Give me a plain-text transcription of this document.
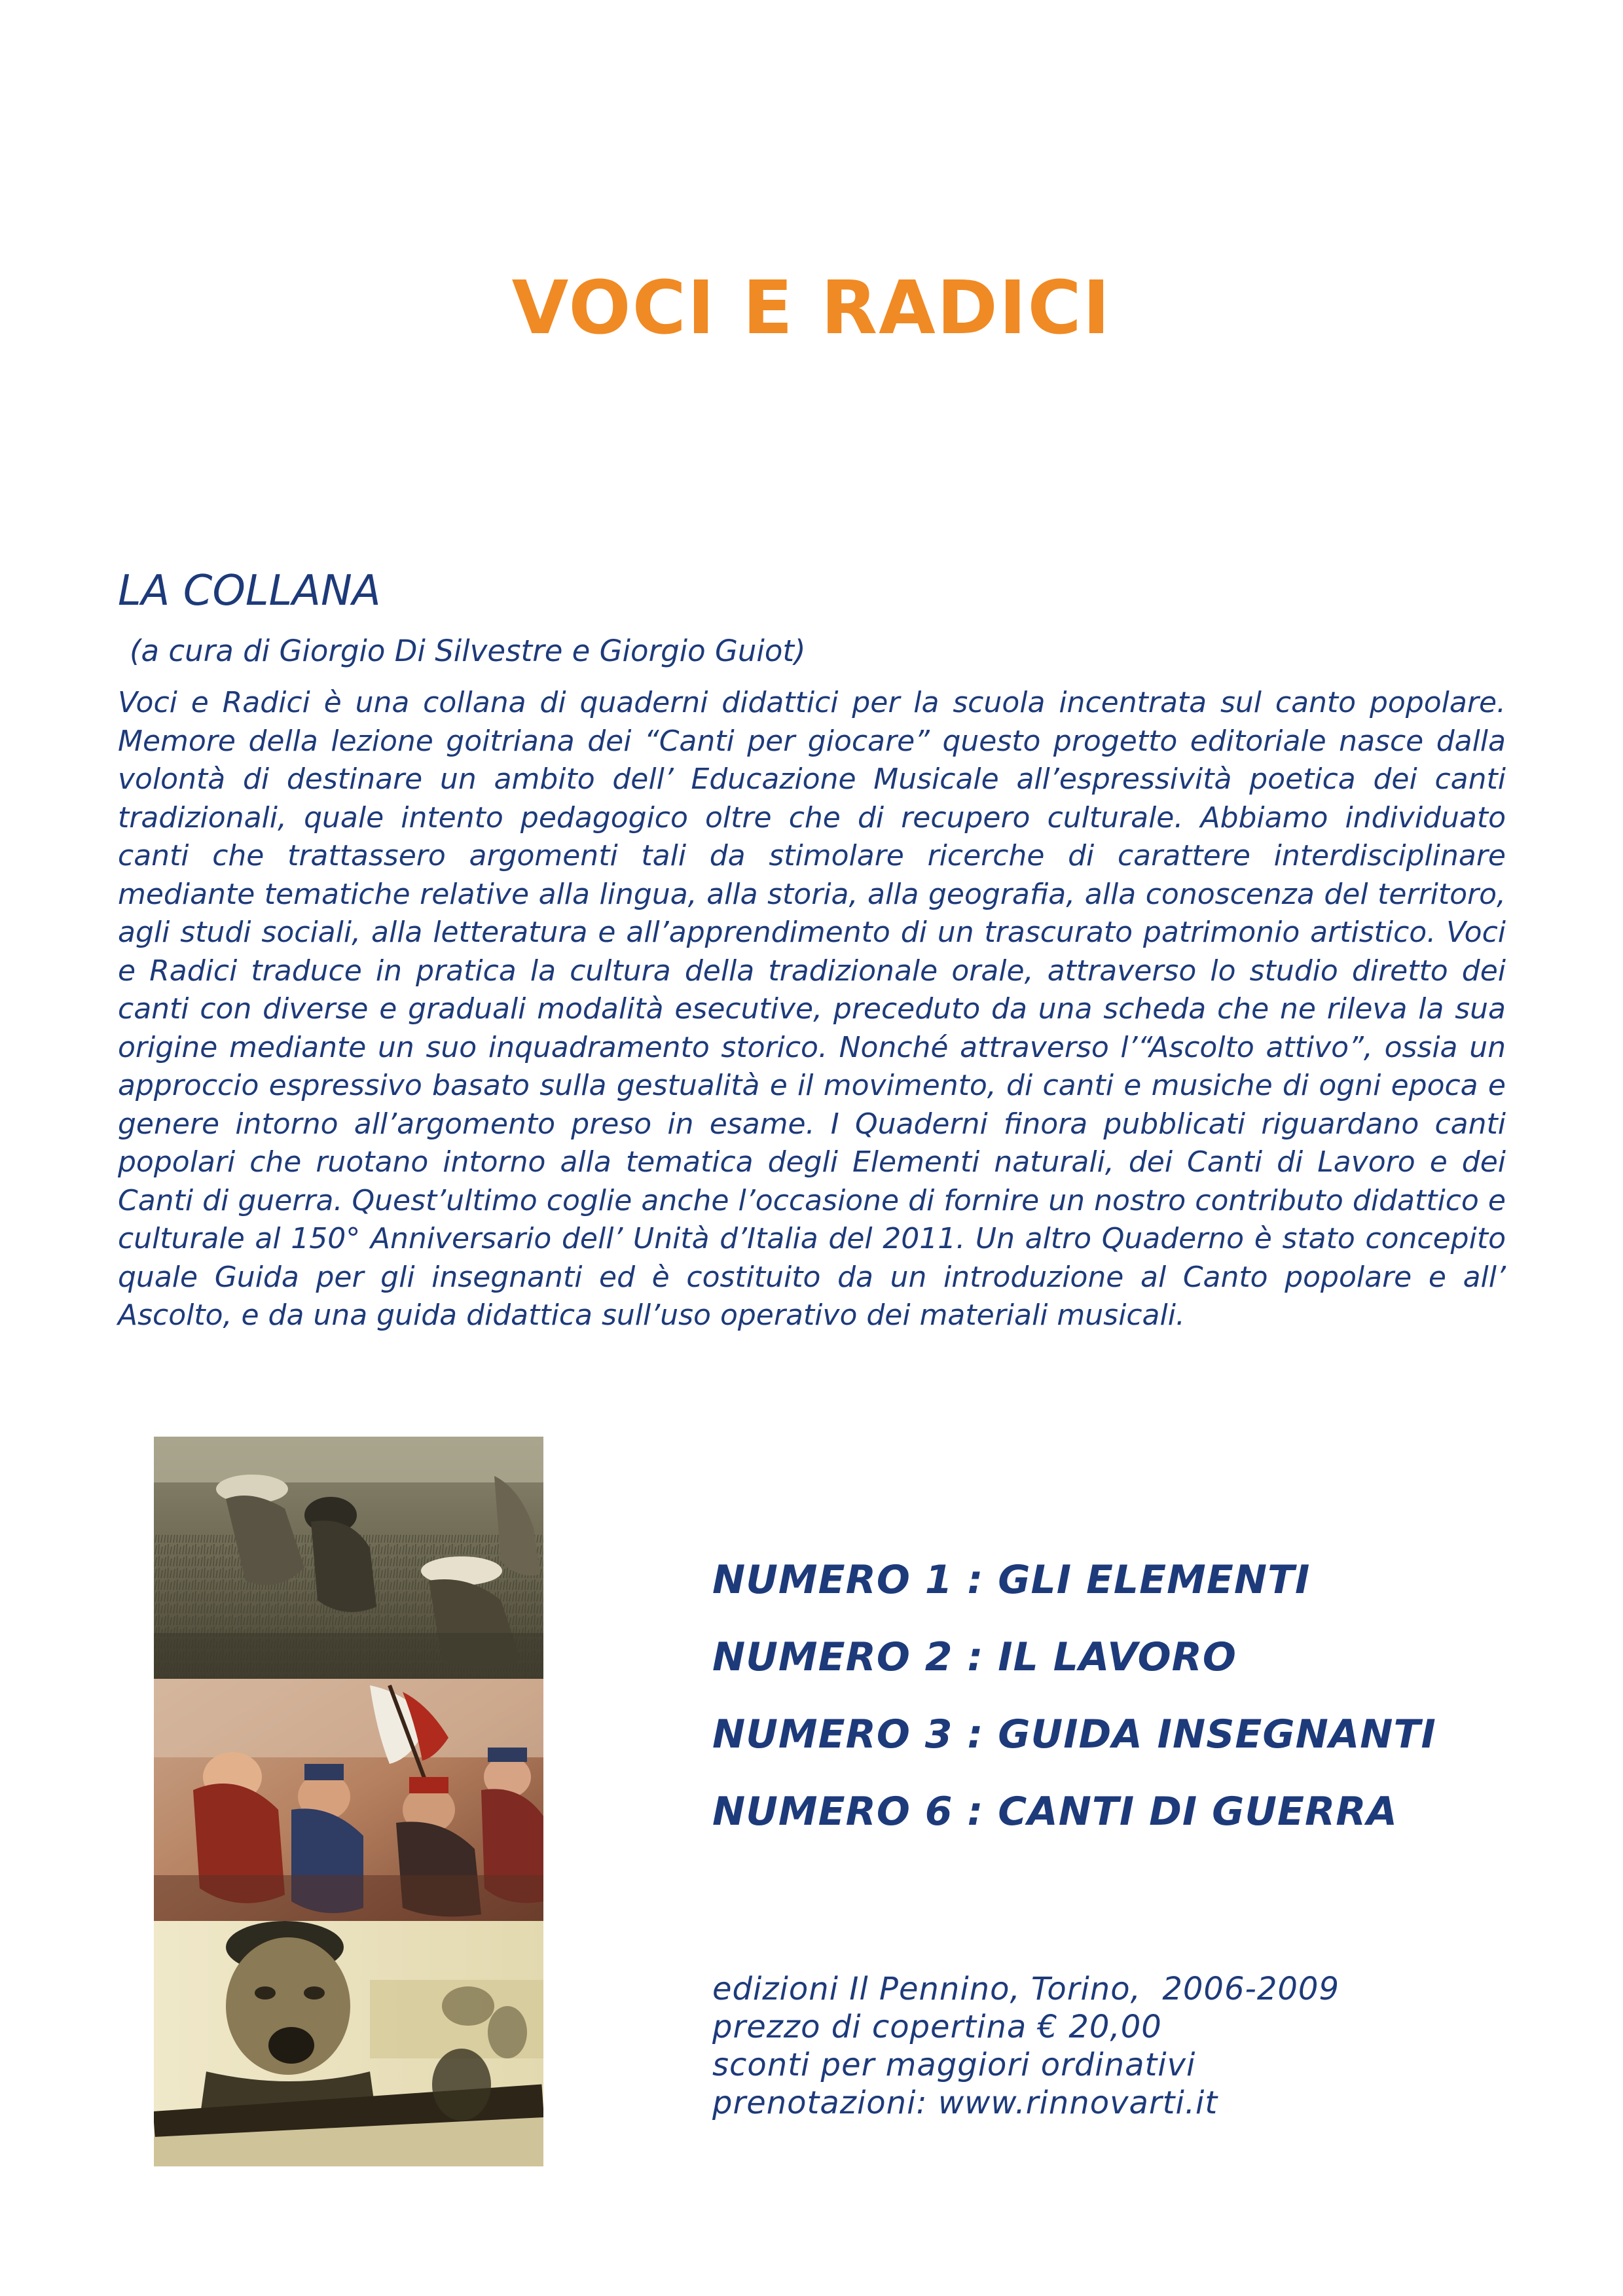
VOCI E RADICI
LA COLLANA
(a cura di Giorgio Di Silvestre e Giorgio Guiot)

Voci e Radici è una collana di quaderni didattici per la scuola incentrata sul canto popolare. Memore della lezione goitriana dei “Canti per giocare” questo progetto editoriale nasce dalla volontà di destinare un ambito dell’ Educazione Musicale all’espressività poetica dei canti tradizionali, quale intento pedagogico oltre che di recupero culturale. Abbiamo individuato canti che trattassero argomenti tali da stimolare ricerche di carattere interdisciplinare mediante tematiche relative alla lingua, alla storia, alla geografia, alla conoscenza del territoro, agli studi sociali, alla letteratura e all’apprendimento di un trascurato patrimonio artistico. Voci e Radici traduce in pratica la cultura della tradizionale orale, attraverso lo studio diretto dei canti con diverse e graduali modalità esecutive, preceduto da una scheda che ne rileva la sua origine mediante un suo inquadramento storico. Nonché attraverso l’“Ascolto attivo”, ossia un approccio espressivo basato sulla gestualità e il movimento, di canti e musiche di ogni epoca e genere intorno all’argomento preso in esame. I Quaderni finora pubblicati riguardano canti popolari che ruotano intorno alla tematica degli Elementi naturali, dei Canti di Lavoro e dei Canti di guerra. Quest’ultimo coglie anche l’occasione di fornire un nostro contributo didattico e culturale al 150° Anniversario dell’ Unità d’Italia del 2011. Un altro Quaderno è stato concepito quale Guida per gli insegnanti ed è costituito da un introduzione al Canto popolare e all’ Ascolto, e da una guida didattica sull’uso operativo dei materiali musicali.

NUMERO 1 : GLI ELEMENTI
NUMERO 2 : IL LAVORO
NUMERO 3 : GUIDA INSEGNANTI
NUMERO 6 : CANTI DI GUERRA
edizioni Il Pennino, Torino,  2006-2009
prezzo di copertina € 20,00
sconti per maggiori ordinativi
prenotazioni: www.rinnovarti.it
